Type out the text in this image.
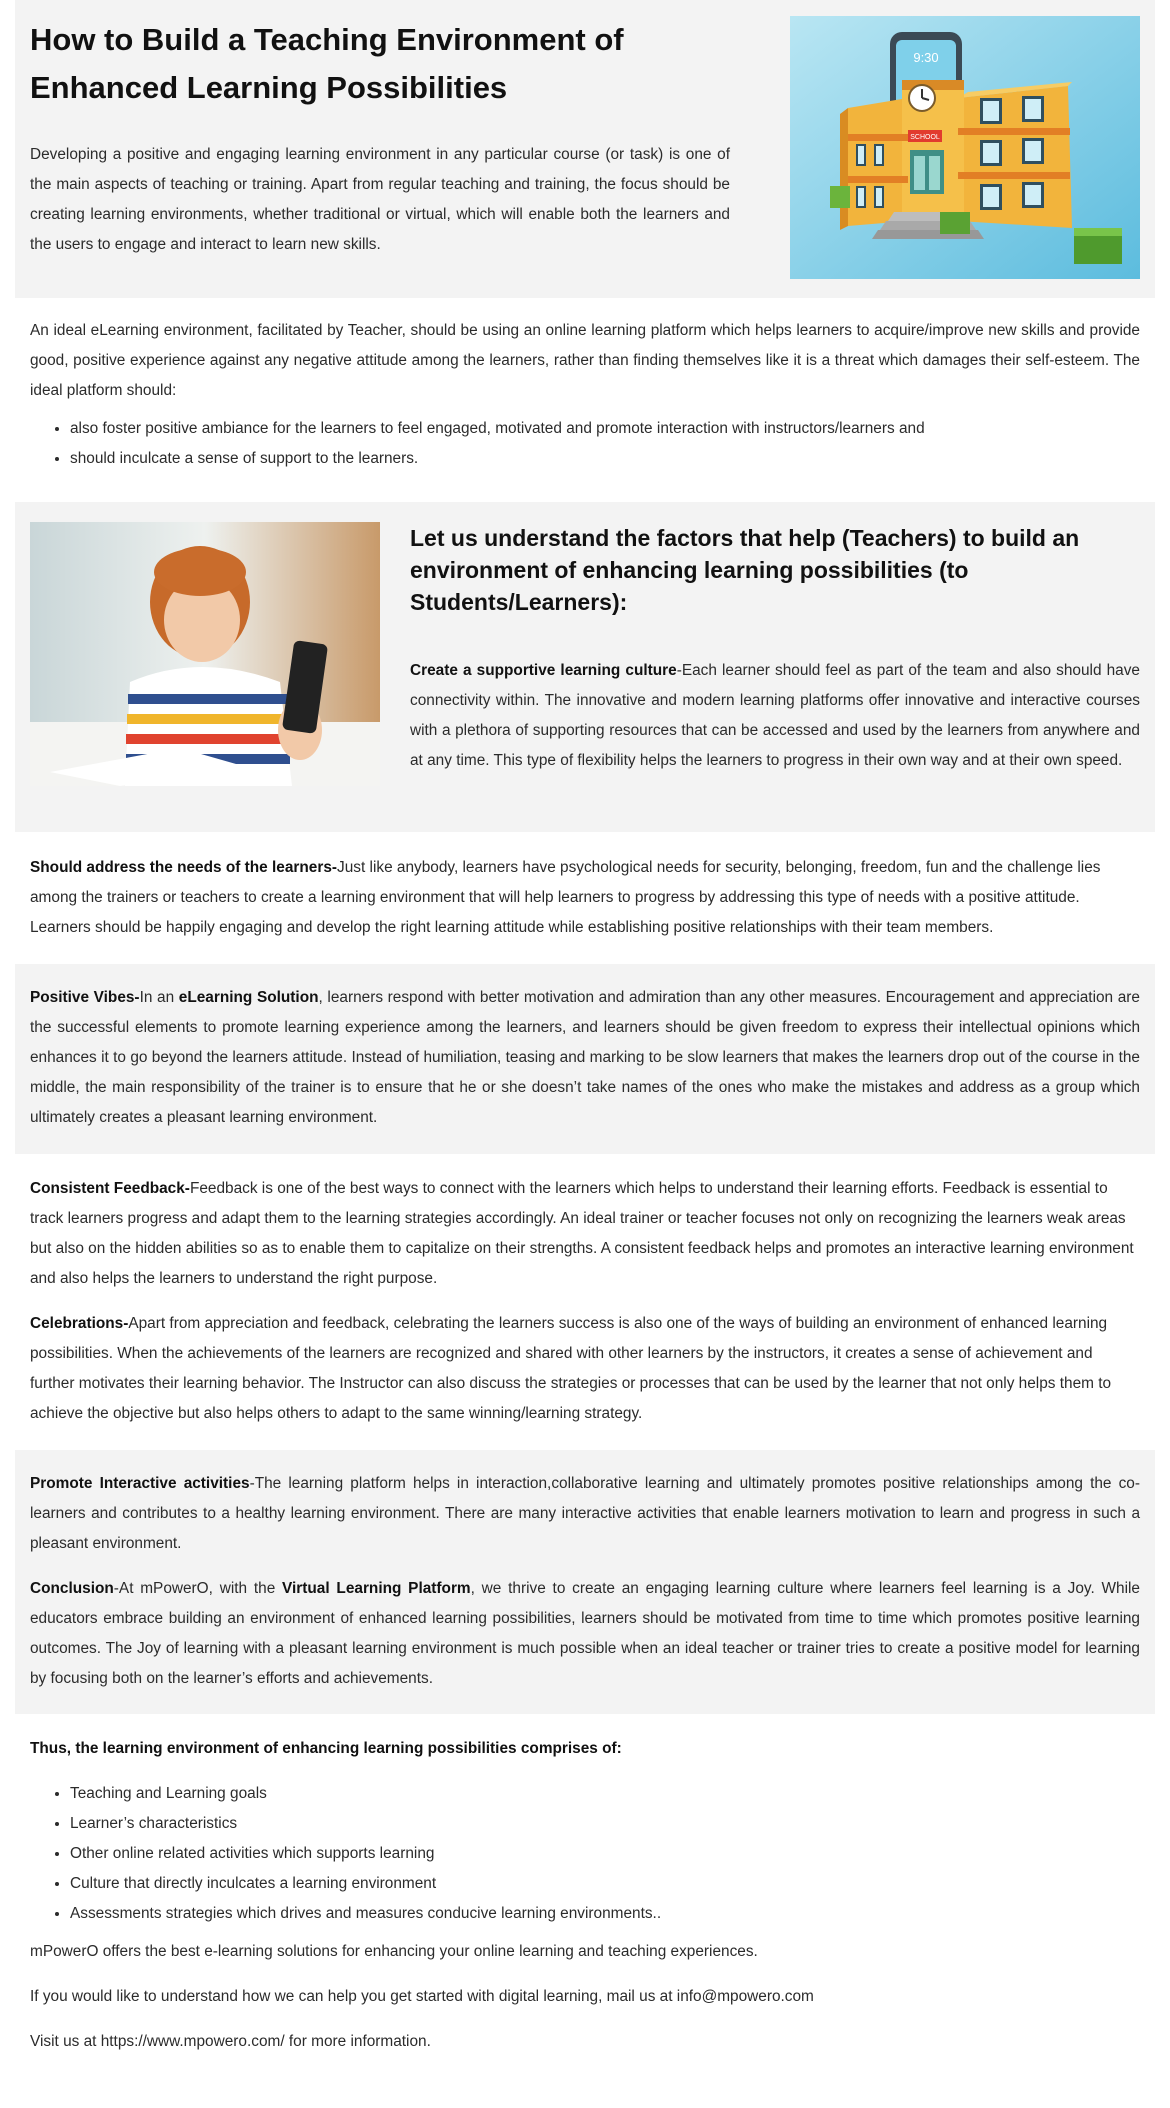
How to Build a Teaching Environment of Enhanced Learning Possibilities

Developing a positive and engaging learning environment in any particular course (or task) is one of the main aspects of teaching or training. Apart from regular teaching and training, the focus should be creating learning environments, whether traditional or virtual, which will enable both the learners and the users to engage and interact to learn new skills.

9:30
SCHOOL

An ideal eLearning environment, facilitated by Teacher, should be using an online learning platform which helps learners to acquire/improve new skills and provide good, positive experience against any negative attitude among the learners, rather than finding themselves like it is a threat which damages their self-esteem. The ideal platform should:

• also foster positive ambiance for the learners to feel engaged, motivated and promote interaction with instructors/learners and
• should inculcate a sense of support to the learners.
Let us understand the factors that help (Teachers) to build an environment of enhancing learning possibilities (to Students/Learners):

Create a supportive learning culture-Each learner should feel as part of the team and also should have connectivity within. The innovative and modern learning platforms offer innovative and interactive courses with a plethora of supporting resources that can be accessed and used by the learners from anywhere and at any time. This type of flexibility helps the learners to progress in their own way and at their own speed.

Should address the needs of the learners-Just like anybody, learners have psychological needs for security, belonging, freedom, fun and the challenge lies among the trainers or teachers to create a learning environment that will help learners to progress by addressing this type of needs with a positive attitude. Learners should be happily engaging and develop the right learning attitude while establishing positive relationships with their team members.

Positive Vibes-In an eLearning Solution, learners respond with better motivation and admiration than any other measures. Encouragement and appreciation are the successful elements to promote learning experience among the learners, and learners should be given freedom to express their intellectual opinions which enhances it to go beyond the learners attitude. Instead of humiliation, teasing and marking to be slow learners that makes the learners drop out of the course in the middle, the main responsibility of the trainer is to ensure that he or she doesn’t take names of the ones who make the mistakes and address as a group which ultimately creates a pleasant learning environment.

Consistent Feedback-Feedback is one of the best ways to connect with the learners which helps to understand their learning efforts. Feedback is essential to track learners progress and adapt them to the learning strategies accordingly. An ideal trainer or teacher focuses not only on recognizing the learners weak areas but also on the hidden abilities so as to enable them to capitalize on their strengths. A consistent feedback helps and promotes an interactive learning environment and also helps the learners to understand the right purpose.

Celebrations-Apart from appreciation and feedback, celebrating the learners success is also one of the ways of building an environment of enhanced learning possibilities. When the achievements of the learners are recognized and shared with other learners by the instructors, it creates a sense of achievement and further motivates their learning behavior. The Instructor can also discuss the strategies or processes that can be used by the learner that not only helps them to achieve the objective but also helps others to adapt to the same winning/learning strategy.

Promote Interactive activities-The learning platform helps in interaction,collaborative learning and ultimately promotes positive relationships among the co-learners and contributes to a healthy learning environment. There are many interactive activities that enable learners motivation to learn and progress in such a pleasant environment.

Conclusion-At mPowerO, with the Virtual Learning Platform, we thrive to create an engaging learning culture where learners feel learning is a Joy. While educators embrace building an environment of enhanced learning possibilities, learners should be motivated from time to time which promotes positive learning outcomes. The Joy of learning with a pleasant learning environment is much possible when an ideal teacher or trainer tries to create a positive model for learning by focusing both on the learner’s efforts and achievements.

Thus, the learning environment of enhancing learning possibilities comprises of:

• Teaching and Learning goals
• Learner’s characteristics
• Other online related activities which supports learning
• Culture that directly inculcates a learning environment
• Assessments strategies which drives and measures conducive learning environments..

mPowerO offers the best e-learning solutions for enhancing your online learning and teaching experiences.

If you would like to understand how we can help you get started with digital learning, mail us at info@mpowero.com

Visit us at https://www.mpowero.com/ for more information.
